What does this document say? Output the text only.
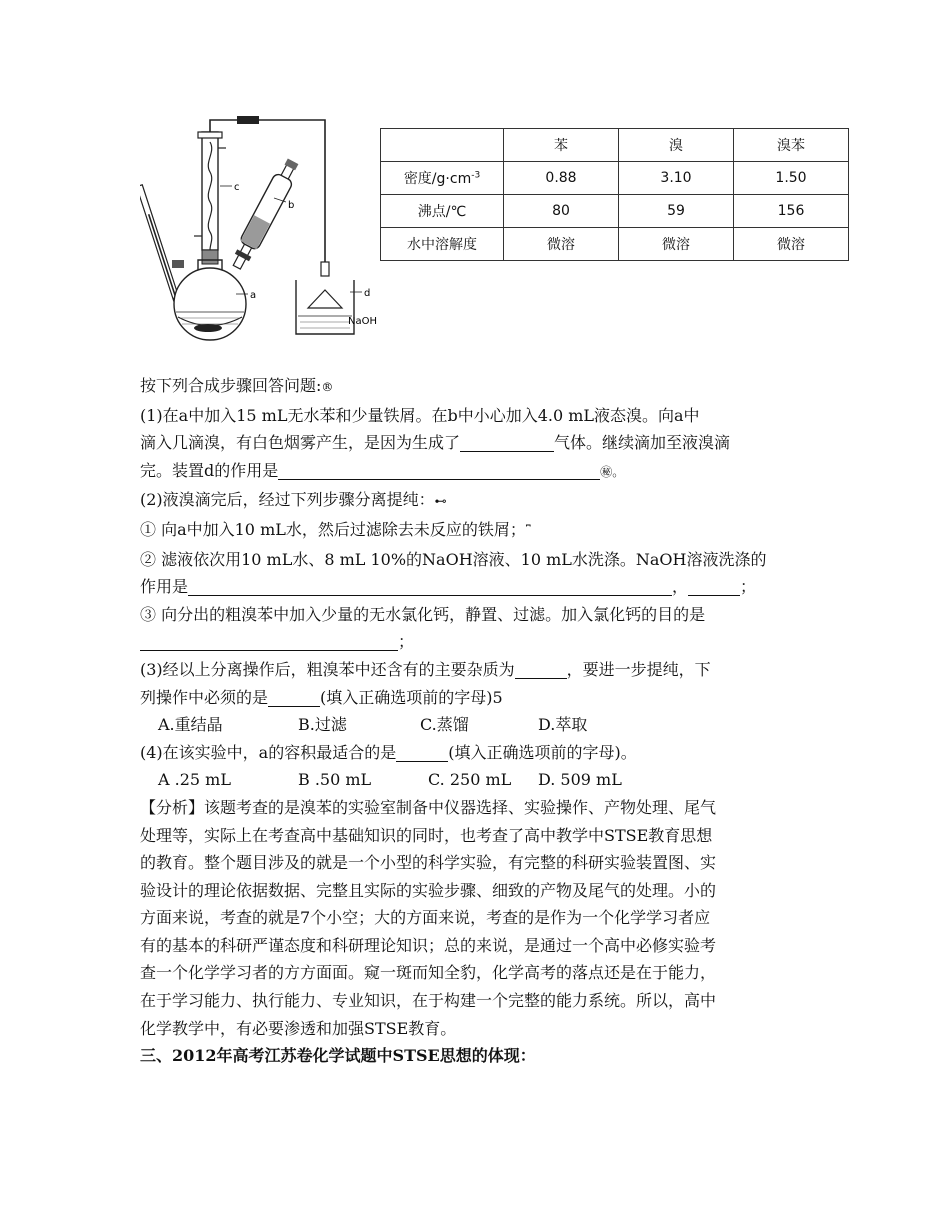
c
b
a	d
NaOH
	苯	溴	溴苯
密度$/g\cdot cm^{-3}$	0.88	3.10	1.50
沸点/℃	80	59	156
水中溶解度	微溶	微溶	微溶

按下列合成步骤回答问题:®

(1)在a中加入15 mL无水苯和少量铁屑。在b中小心加入4.0 mL液态溴。向a中

滴入几滴溴，有白色烟雾产生，是因为生成了	气体。继续滴加至液溴滴

完。装置d的作用是	㊙。

(2)液溴滴完后，经过下列步骤分离提纯：⊷

① 向a中加入10 mL水，然后过滤除去未反应的铁屑；⎴

② 滤液依次用10 mL水、8 mL 10%的NaOH溶液、10 mL水洗涤。NaOH溶液洗涤的

作用是	，	；

③ 向分出的粗溴苯中加入少量的无水氯化钙，静置、过滤。加入氯化钙的目的是

；

(3)经以上分离操作后，粗溴苯中还含有的主要杂质为	，要进一步提纯，下

列操作中必须的是	(填入正确选项前的字母)5

A.重结晶	B.过滤	C.蒸馏	D.萃取

(4)在该实验中，a的容积最适合的是	(填入正确选项前的字母)。

A .25 mL	B .50 mL	C. 250 mL D. 509 mL

【分析】该题考查的是溴苯的实验室制备中仪器选择、实验操作、产物处理、尾气

处理等，实际上在考查高中基础知识的同时，也考查了高中教学中STSE教育思想

的教育。整个题目涉及的就是一个小型的科学实验，有完整的科研实验装置图、实

验设计的理论依据数据、完整且实际的实验步骤、细致的产物及尾气的处理。小的

方面来说，考查的就是7个小空；大的方面来说，考查的是作为一个化学学习者应

有的基本的科研严谨态度和科研理论知识；总的来说，是通过一个高中必修实验考

查一个化学学习者的方方面面。窥一斑而知全豹，化学高考的落点还是在于能力，

在于学习能力、执行能力、专业知识，在于构建一个完整的能力系统。所以，高中

化学教学中，有必要渗透和加强STSE教育。

三、2012年高考江苏卷化学试题中STSE思想的体现：
